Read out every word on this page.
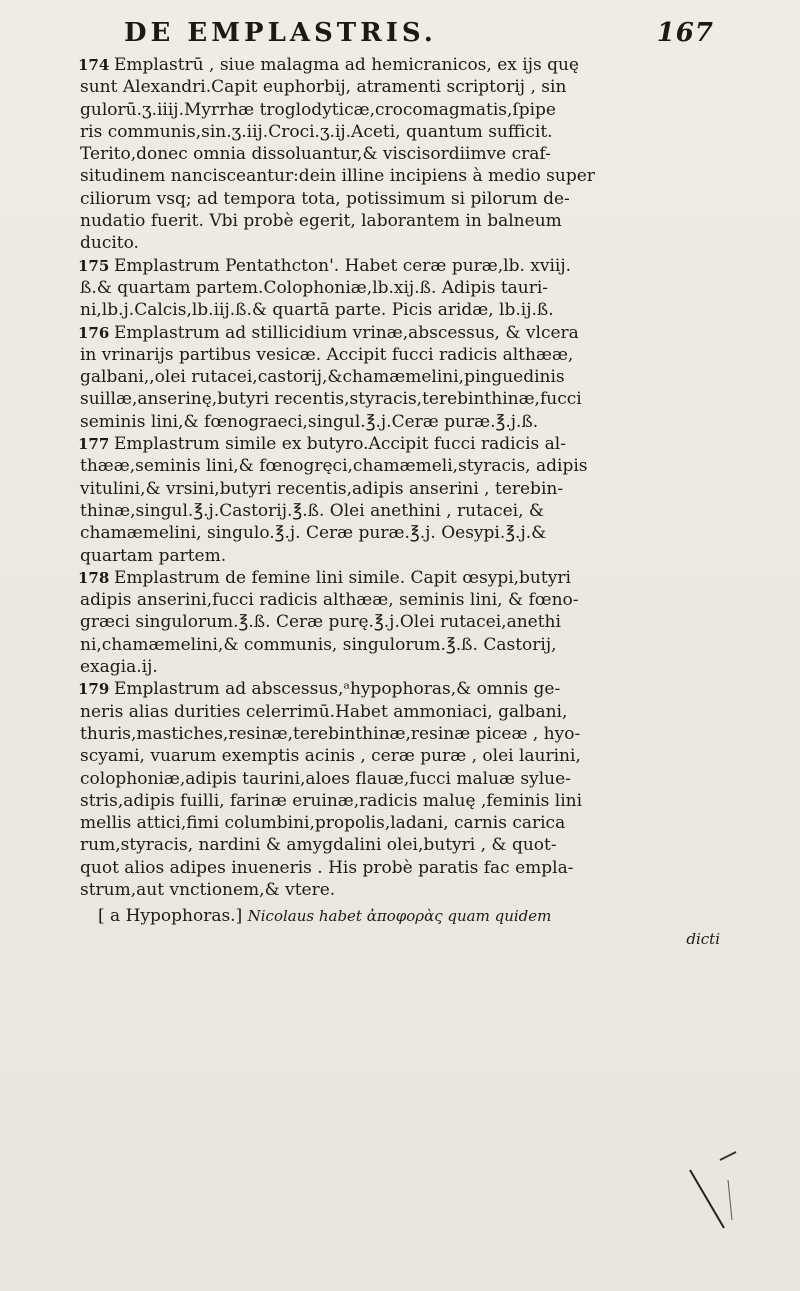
DE EMPLASTRIS.	167
174 Emplastrū , siue malagma ad hemicranicos, ex ijs quę

sunt Alexandri.Capit euphorbij, atramenti scriptorij , sin

gulorū.ʒ.iiij.Myrrhæ troglodyticæ,crocomagmatis,ſpipe

ris communis,sin.ʒ.iij.Croci.ʒ.ij.Aceti, quantum sufficit.

Terito,donec omnia dissoluantur,& viscisordiimve craf-

situdinem nancisceantur:dein illine incipiens à medio super

ciliorum vsq; ad tempora tota, potissimum si pilorum de-

nudatio fuerit. Vbi probè egerit, laborantem in balneum

ducito.

175 Emplastrum Pentathcton'. Habet ceræ puræ,lb. xviij.

ß.& quartam partem.Colophoniæ,lb.xij.ß. Adipis tauri-

ni,lb.j.Calcis,lb.iij.ß.& quartā parte. Picis aridæ, lb.ij.ß.

176 Emplastrum ad stillicidium vrinæ,abscessus, & vlcera

in vrinarijs partibus vesicæ. Accipit fucci radicis althææ,

galbani,,olei rutacei,castorij,&chamæmelini,pinguedinis

suillæ,anserinę,butyri recentis,styracis,terebinthinæ,fucci

seminis lini,& fœnograeci,singul.℥.j.Ceræ puræ.℥.j.ß.

177 Emplastrum simile ex butyro.Accipit fucci radicis al-

thææ,seminis lini,& fœnogręci,chamæmeli,styracis, adipis

vitulini,& vrsini,butyri recentis,adipis anserini , terebin-

thinæ,singul.℥.j.Castorij.℥.ß. Olei anethini , rutacei, &

chamæmelini, singulo.℥.j. Ceræ puræ.℥.j. Oesypi.℥.j.&

quartam partem.

178 Emplastrum de femine lini simile. Capit œsypi,butyri

adipis anserini,fucci radicis althææ, seminis lini, & fœno-

græci singulorum.℥.ß. Ceræ purę.℥.j.Olei rutacei,anethi

ni,chamæmelini,& communis, singulorum.℥.ß. Castorij,

exagia.ij.

179 Emplastrum ad abscessus,ᵃhypophoras,& omnis ge-

neris alias durities celerrimū.Habet ammoniaci, galbani,

thuris,mastiches,resinæ,terebinthinæ,resinæ piceæ , hyo-

scyami, vuarum exemptis acinis , ceræ puræ , olei laurini,

colophoniæ,adipis taurini,aloes flauæ,fucci maluæ sylue-

stris,adipis fuilli, farinæ eruinæ,radicis maluę ,feminis lini

mellis attici,fimi columbini,propolis,ladani, carnis carica

rum,styracis, nardini & amygdalini olei,butyri , & quot-

quot alios adipes inueneris . His probè paratis fac empla-

strum,aut vnctionem,& vtere.

[ a Hypophoras.] Nicolaus habet ἀποφορὰς quam quidem
dicti
